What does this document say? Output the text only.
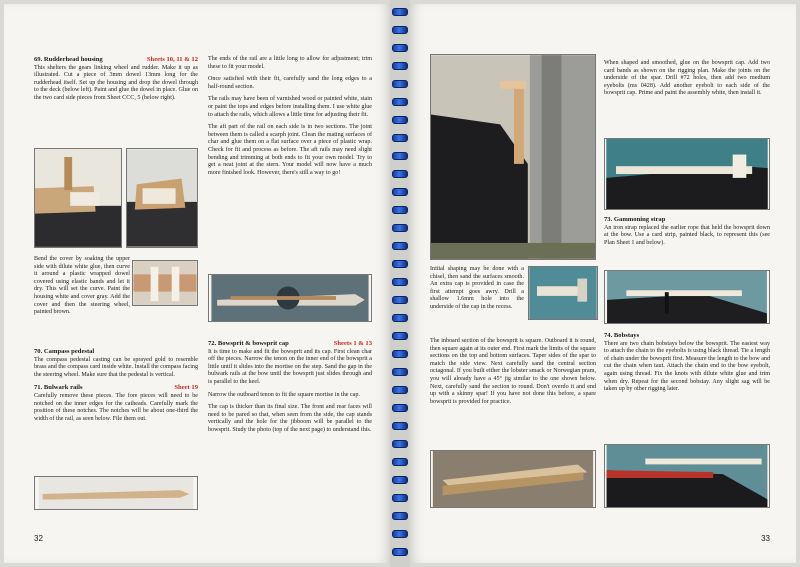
69. Rudderhead housing	Sheets 10, 11 & 12

This shelters the gears linking wheel and rudder. Make it up as illustrated. Cut a piece of 3mm dowel 13mm long for the rudderhead itself. Set up the housing and drop the dowel through to the deck (below left). Paint and glue the dowel in place. Glue on the two card side pieces from Sheet CCC, 5 (below right).

Bend the cover by soaking the upper side with dilute white glue, then curve it around a plastic wrapped dowel covered using elastic bands and let it dry. This will set the curve. Paint the housing white and cover gray. Add the cover and then the steering wheel, painted brown.

70. Campass pedestal

The compass pedestal casting can be sprayed gold to resemble brass and the compass card inside white. Install the compass facing the steering wheel. Make sure that the pedestal is vertical.

71. Bulwark rails	Sheet 19

Carefully remove these pieces. The fore pieces will need to be notched on the inner edges for the catheads. Carefully mark the position of these notches. The notches will be about one-third the width of the rail, as seen below. File them out.

The ends of the rail are a little long to allow for adjustment; trim these to fit your model.

Once satisfied with their fit, carefully sand the long edges to a half-round section.

The rails may have been of varnished wood or painted white, stain or paint the tops and edges before installing them. I use white glue to attach the rails, which allows a little time for adjusting their fit.

The aft part of the rail on each side is in two sections. The joint between them is called a scarph joint. Clean the mating surfaces of char and glue them on a flat surface over a piece of plastic wrap. Check for fit and process as before. The aft rails may need slight bending and trimming at both ends to fit your own model. Try to get a neat joint at the stern. Your model will now have a much more finished look. However, there's still a way to go!

72. Bowsprit & bowsprit cap	Sheets 1 & 13

It is time to make and fit the bowsprit and its cap. First clean char off the pieces. Narrow the tenon on the inner end of the bowsprit a little until it slides into the mortise on the step. Sand the gap in the bulwark rails at the bow until the bowsprit just slides through and is parallel to the keel.

Narrow the outboard tenon to fit the square mortise in the cap.

The cap is thicker than its final size. The front and rear faces will need to be pared so that, when seen from the side, the cap stands vertically and the hole for the jibboom will be parallel to the bowsprit. Study the photo (top of the next page) to understand this.

32

Initial shaping may be done with a chisel, then sand the surfaces smooth. An extra cap is provided in case the first attempt goes awry. Drill a shallow 1.6mm hole into the underside of the cap in the recess.

The inboard section of the bowsprit is square. Outboard it is round, then square again at its outer end. First mark the limits of the square sections on the top and bottom surfaces. Taper sides of the spar to match the side view. Next carefully sand the central section octagonal. If you built either the lobster smack or Norwegian pram, you will already have a 45° jig similar to the one shown below. Next, carefully sand the section to round. Don't overdo it and end up with a skinny spar! If you have not done this before, a spare bowsprit is provided for practice.

When shaped and smoothed, glue on the bowsprit cap. Add two card bands as shown on the rigging plan. Make the joints on the underside of the spar. Drill #72 holes, then add two medium eyebolts (ms 0428). Add another eyebolt to each side of the bowsprit cap. Prime and paint the assembly white, then install it.

73. Gammoning strap

An iron strap replaced the earlier rope that held the bowsprit down at the bow. Use a card strip, painted black, to represent this (see Plan Sheet 1 and below).

74. Bobstays

There are two chain bobstays below the bowsprit. The easiest way to attach the chain to the eyebolts is using black thread. Tie a length of chain under the bowsprit first. Measure the length to the bow and cut the chain when taut. Attach the chain end to the bow eyebolt, again using thread. Fix the knots with dilute white glue and trim when dry. Repeat for the second bobstay. Any slight sag will be taken up by other rigging later.

33
